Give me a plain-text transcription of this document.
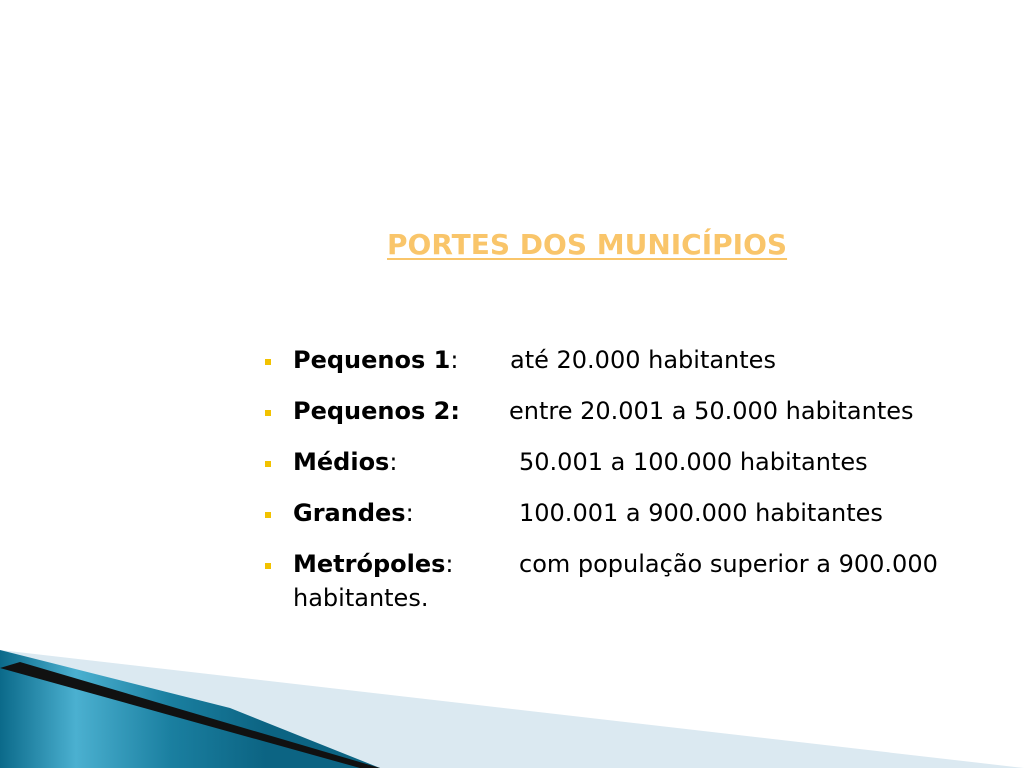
PORTES DOS MUNICÍPIOS
Pequenos 1: até 20.000 habitantes
Pequenos 2: entre 20.001 a 50.000 habitantes
Médios:	50.001 a 100.000 habitantes
Grandes:	100.001 a 900.000 habitantes
Metrópoles:	com população superior a 900.000 habitantes.
